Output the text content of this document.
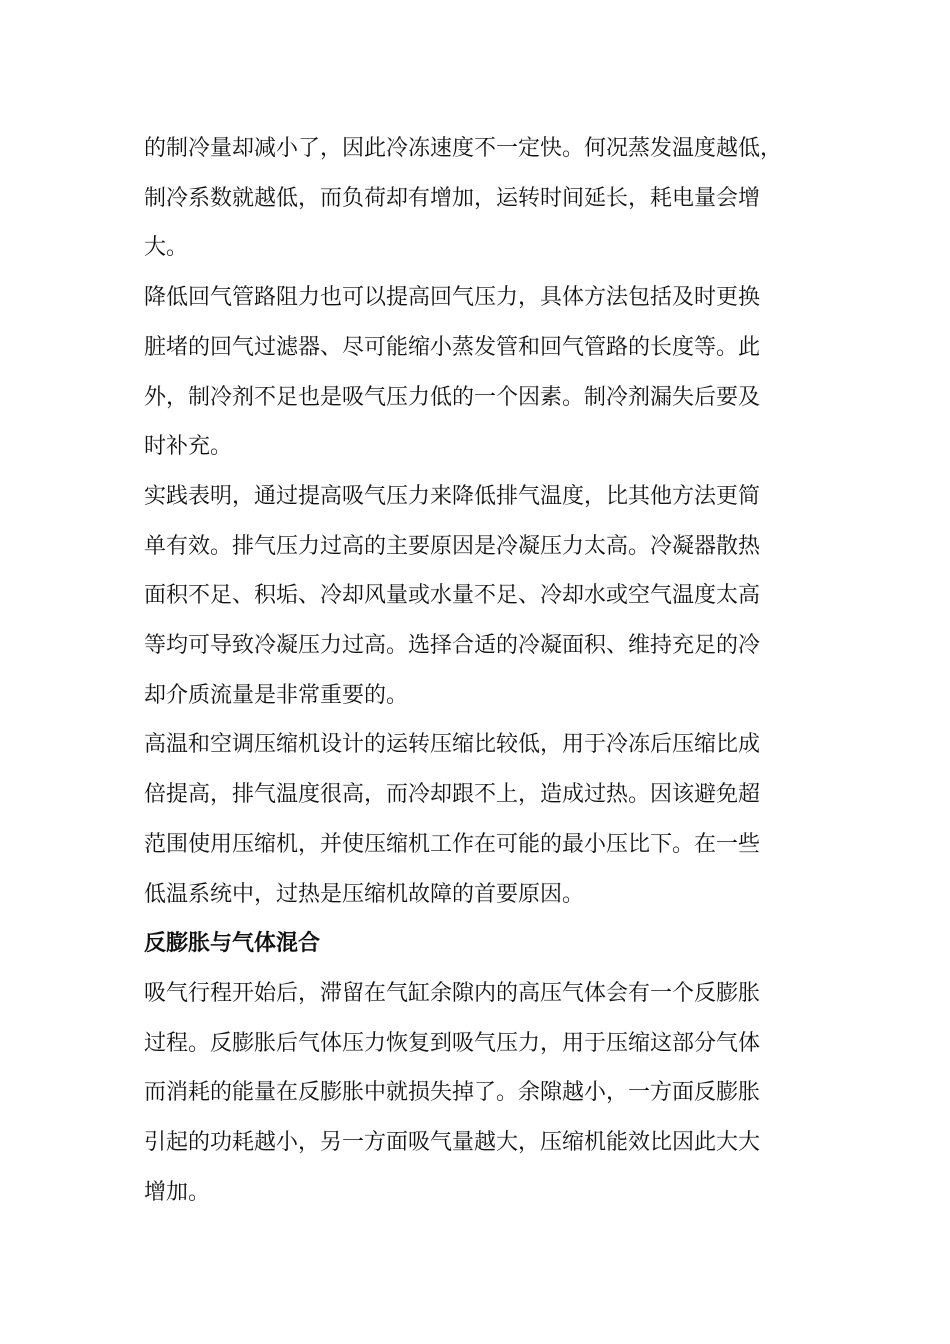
的制冷量却减小了，因此冷冻速度不一定快。何况蒸发温度越低，
制冷系数就越低，而负荷却有增加，运转时间延长，耗电量会增
大。

降低回气管路阻力也可以提高回气压力，具体方法包括及时更换
脏堵的回气过滤器、尽可能缩小蒸发管和回气管路的长度等。此
外，制冷剂不足也是吸气压力低的一个因素。制冷剂漏失后要及
时补充。

实践表明，通过提高吸气压力来降低排气温度，比其他方法更简
单有效。排气压力过高的主要原因是冷凝压力太高。冷凝器散热
面积不足、积垢、冷却风量或水量不足、冷却水或空气温度太高
等均可导致冷凝压力过高。选择合适的冷凝面积、维持充足的冷
却介质流量是非常重要的。

高温和空调压缩机设计的运转压缩比较低，用于冷冻后压缩比成
倍提高，排气温度很高，而冷却跟不上，造成过热。因该避免超
范围使用压缩机，并使压缩机工作在可能的最小压比下。在一些
低温系统中，过热是压缩机故障的首要原因。

反膨胀与气体混合

吸气行程开始后，滞留在气缸余隙内的高压气体会有一个反膨胀
过程。反膨胀后气体压力恢复到吸气压力，用于压缩这部分气体
而消耗的能量在反膨胀中就损失掉了。余隙越小，一方面反膨胀
引起的功耗越小，另一方面吸气量越大，压缩机能效比因此大大
增加。
